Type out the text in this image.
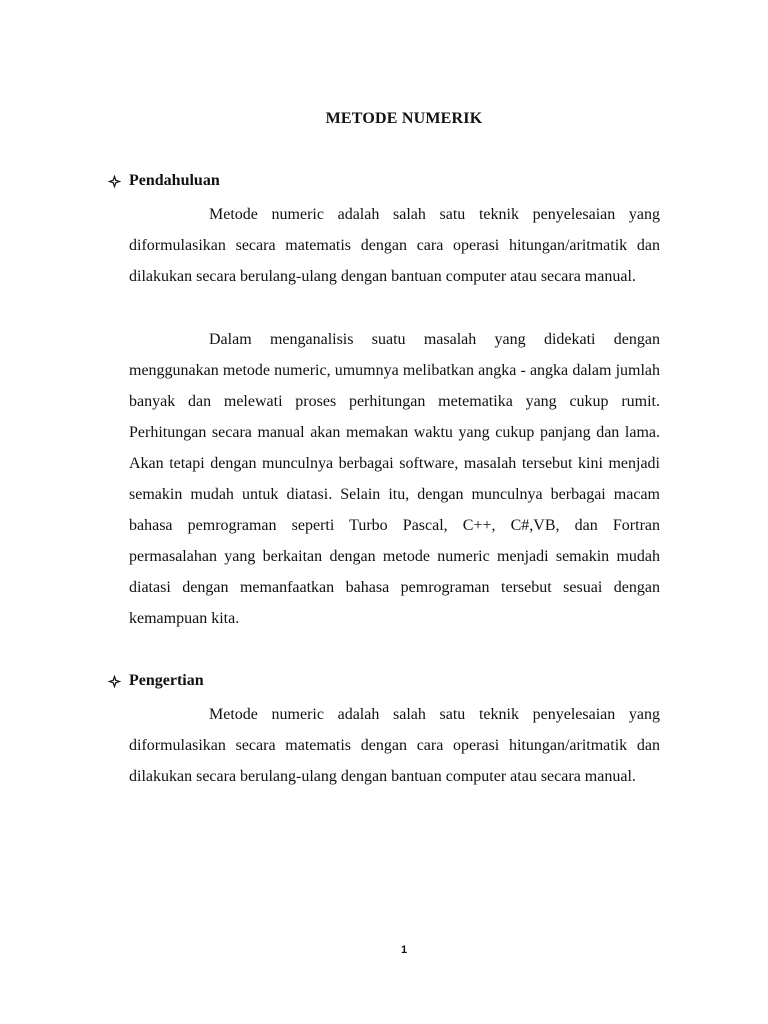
METODE NUMERIK
Pendahuluan

Metode numeric adalah salah satu teknik penyelesaian yang diformulasikan secara matematis dengan cara operasi hitungan/aritmatik dan dilakukan secara berulang-ulang dengan bantuan computer atau secara manual.

Dalam menganalisis suatu masalah yang didekati dengan menggunakan metode numeric, umumnya melibatkan angka - angka dalam jumlah banyak dan melewati proses perhitungan metematika yang cukup rumit. Perhitungan secara manual akan memakan waktu yang cukup panjang dan lama. Akan tetapi dengan munculnya berbagai software, masalah tersebut kini menjadi semakin mudah untuk diatasi. Selain itu, dengan munculnya berbagai macam bahasa pemrograman seperti Turbo Pascal, C++, C#,VB, dan Fortran permasalahan yang berkaitan dengan metode numeric menjadi semakin mudah diatasi dengan memanfaatkan bahasa pemrograman tersebut sesuai dengan kemampuan kita.

Pengertian

Metode numeric adalah salah satu teknik penyelesaian yang diformulasikan secara matematis dengan cara operasi hitungan/aritmatik dan dilakukan secara berulang-ulang dengan bantuan computer atau secara manual.

1
